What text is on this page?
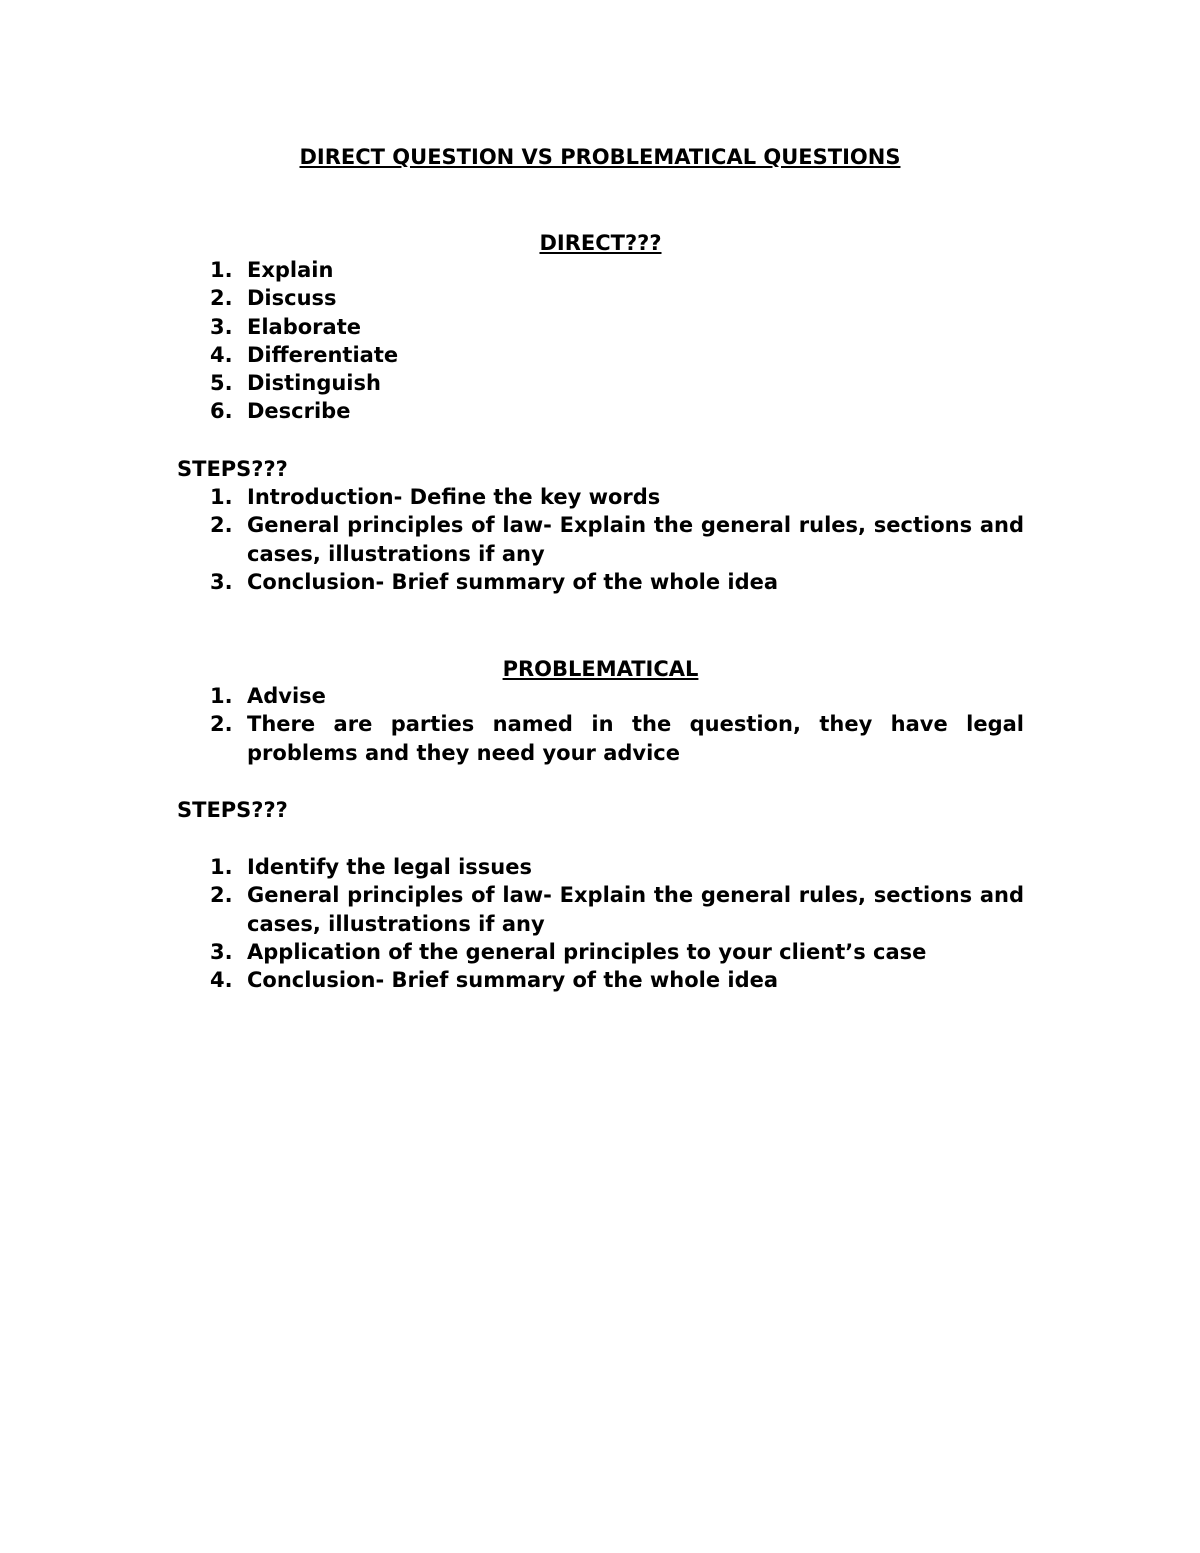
DIRECT QUESTION VS PROBLEMATICAL QUESTIONS
DIRECT???
1. Explain
2. Discuss
3. Elaborate
4. Differentiate
5. Distinguish
6. Describe
STEPS???
1. Introduction- Define the key words
2. General principles of law- Explain the general rules, sections and cases, illustrations if any
3. Conclusion- Brief summary of the whole idea
PROBLEMATICAL
1. Advise
2. There are parties named in the question, they have legal problems and they need your advice
STEPS???
1. Identify the legal issues
2. General principles of law- Explain the general rules, sections and cases, illustrations if any
3. Application of the general principles to your client’s case
4. Conclusion- Brief summary of the whole idea
